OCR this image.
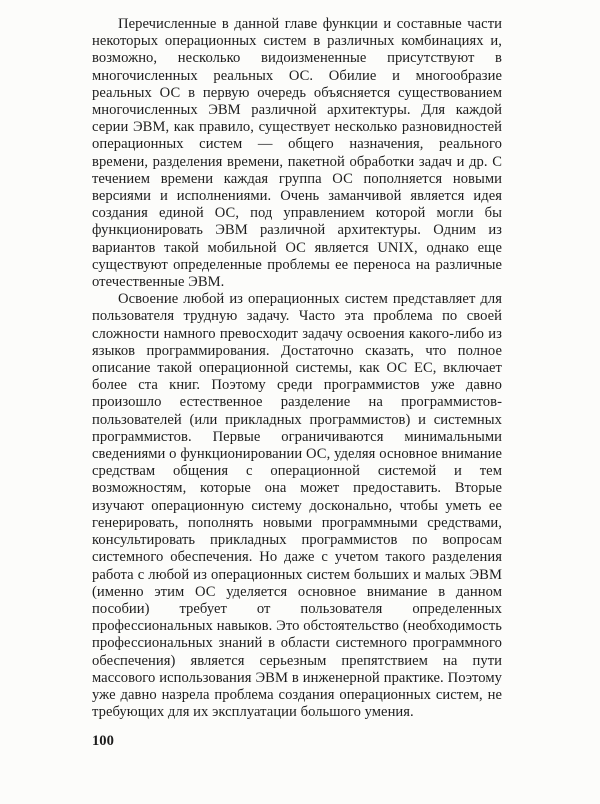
Перечисленные в данной главе функции и составные части некоторых операционных систем в различных комбинациях и, возможно, несколько видоизмененные присутствуют в многочисленных реальных ОС. Обилие и многообразие реальных ОС в первую очередь объясняется существованием многочисленных ЭВМ различной архитектуры. Для каждой серии ЭВМ, как правило, существует несколько разновидностей операционных систем — общего назначения, реального времени, разделения времени, пакетной обработки задач и др. С течением времени каждая группа ОС пополняется новыми версиями и исполнениями. Очень заманчивой является идея создания единой ОС, под управлением которой могли бы функционировать ЭВМ различной архитектуры. Одним из вариантов такой мобильной ОС является UNIX, однако еще существуют определенные проблемы ее переноса на различные отечественные ЭВМ.

Освоение любой из операционных систем представляет для пользователя трудную задачу. Часто эта проблема по своей сложности намного превосходит задачу освоения какого-либо из языков программирования. Достаточно сказать, что полное описание такой операционной системы, как ОС ЕС, включает более ста книг. Поэтому среди программистов уже давно произошло естественное разделение на программистов-пользователей (или прикладных программистов) и системных программистов. Первые ограничиваются минимальными сведениями о функционировании ОС, уделяя основное внимание средствам общения с операционной системой и тем возможностям, которые она может предоставить. Вторые изучают операционную систему досконально, чтобы уметь ее генерировать, пополнять новыми программными средствами, консультировать прикладных программистов по вопросам системного обеспечения. Но даже с учетом такого разделения работа с любой из операционных систем больших и малых ЭВМ (именно этим ОС уделяется основное внимание в данном пособии) требует от пользователя определенных профессиональных навыков. Это обстоятельство (необходимость профессиональных знаний в области системного программного обеспечения) является серьезным препятствием на пути массового использования ЭВМ в инженерной практике. Поэтому уже давно назрела проблема создания операционных систем, не требующих для их эксплуатации большого умения.

100
